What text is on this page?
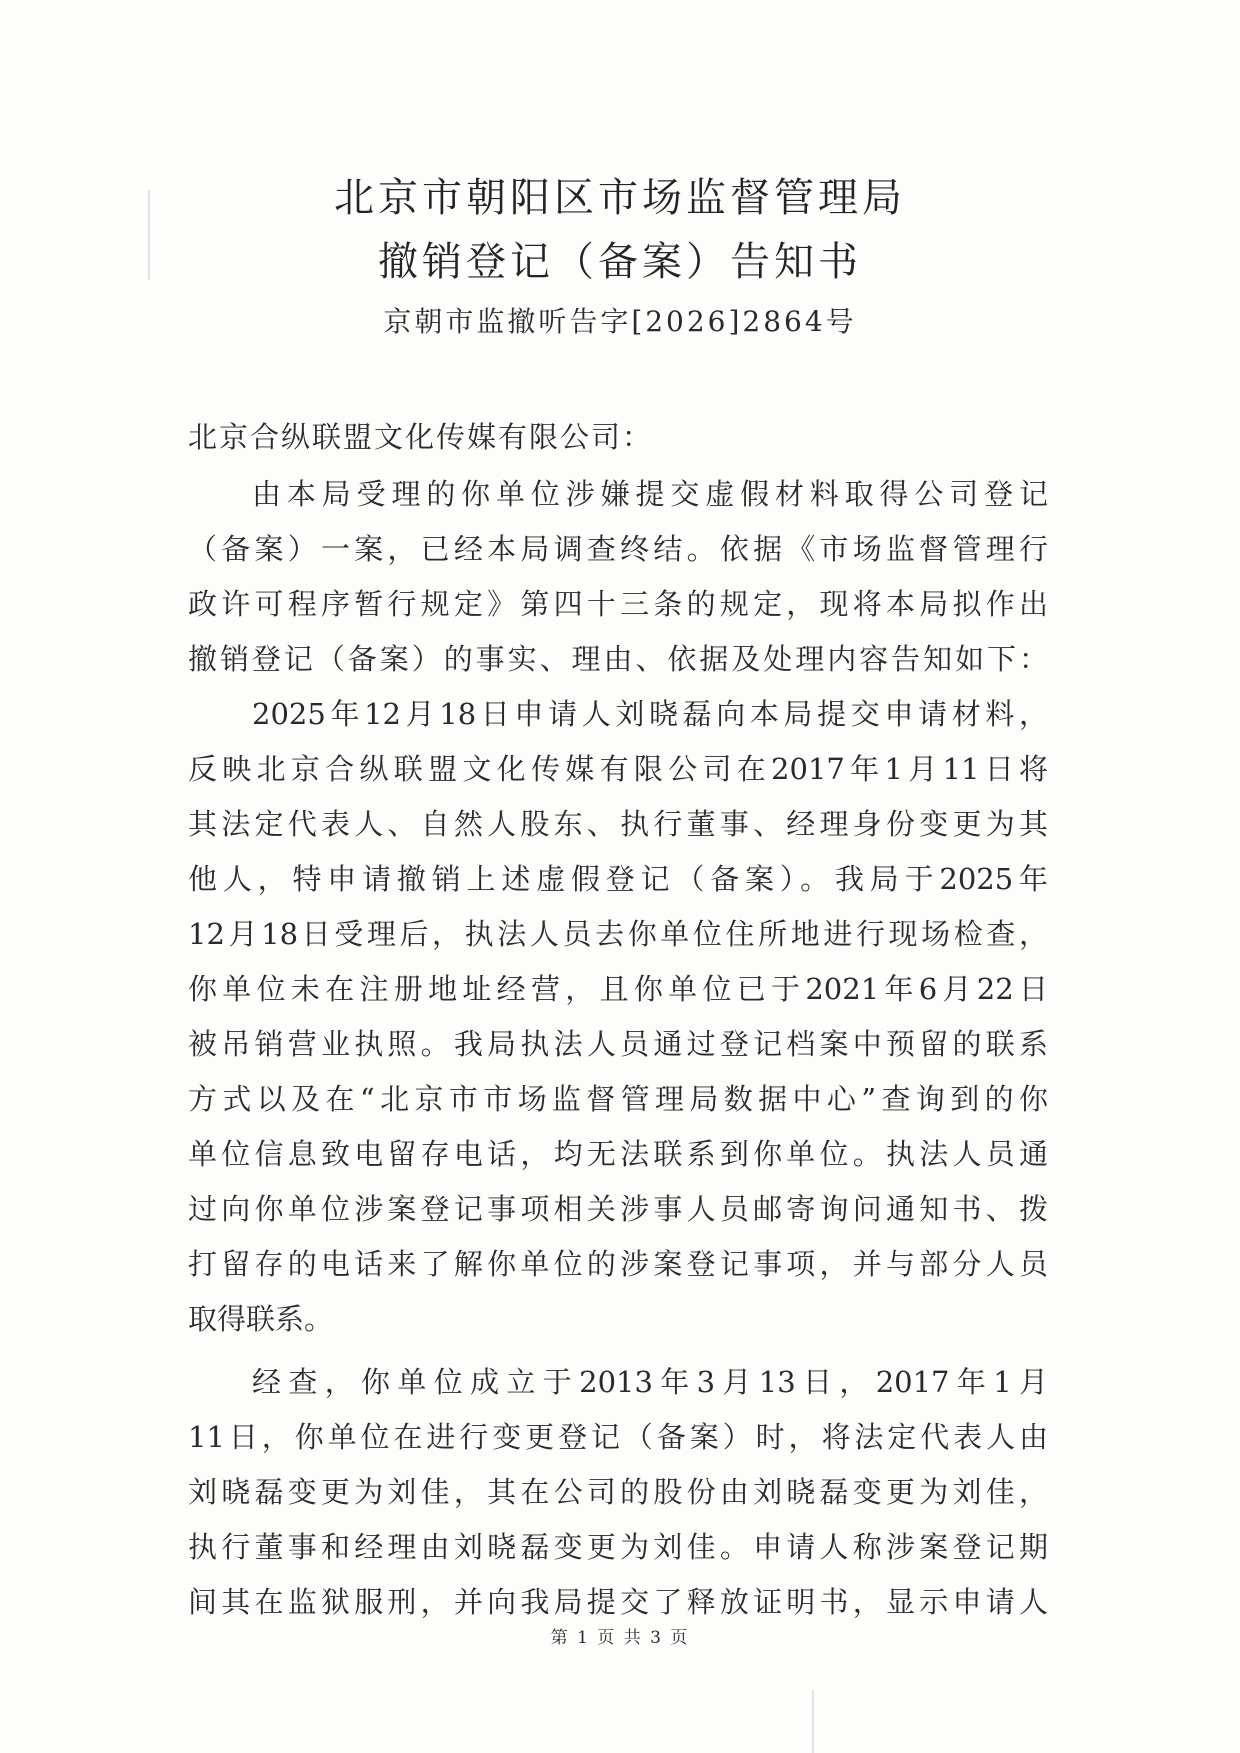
北京市朝阳区市场监督管理局
撤销登记（备案）告知书
京朝市监撤听告字[2026]2864号
北京合纵联盟文化传媒有限公司：
由本局受理的你单位涉嫌提交虚假材料取得公司登记
（备案）一案，已经本局调查终结。依据《市场监督管理行
政许可程序暂行规定》第四十三条的规定，现将本局拟作出
撤销登记（备案）的事实、理由、依据及处理内容告知如下：
2025年12月18日申请人刘晓磊向本局提交申请材料，
反映北京合纵联盟文化传媒有限公司在2017年1月11日将
其法定代表人、自然人股东、执行董事、经理身份变更为其
他人，特申请撤销上述虚假登记（备案）。我局于2025年
12月18日受理后，执法人员去你单位住所地进行现场检查，
你单位未在注册地址经营，且你单位已于2021年6月22日
被吊销营业执照。我局执法人员通过登记档案中预留的联系
方式以及在“北京市市场监督管理局数据中心”查询到的你
单位信息致电留存电话，均无法联系到你单位。执法人员通
过向你单位涉案登记事项相关涉事人员邮寄询问通知书、拨
打留存的电话来了解你单位的涉案登记事项，并与部分人员
取得联系。
经查，你单位成立于2013年3月13日，2017年1月
11日，你单位在进行变更登记（备案）时，将法定代表人由
刘晓磊变更为刘佳，其在公司的股份由刘晓磊变更为刘佳，
执行董事和经理由刘晓磊变更为刘佳。申请人称涉案登记期
间其在监狱服刑，并向我局提交了释放证明书，显示申请人
第 1 页 共 3 页
